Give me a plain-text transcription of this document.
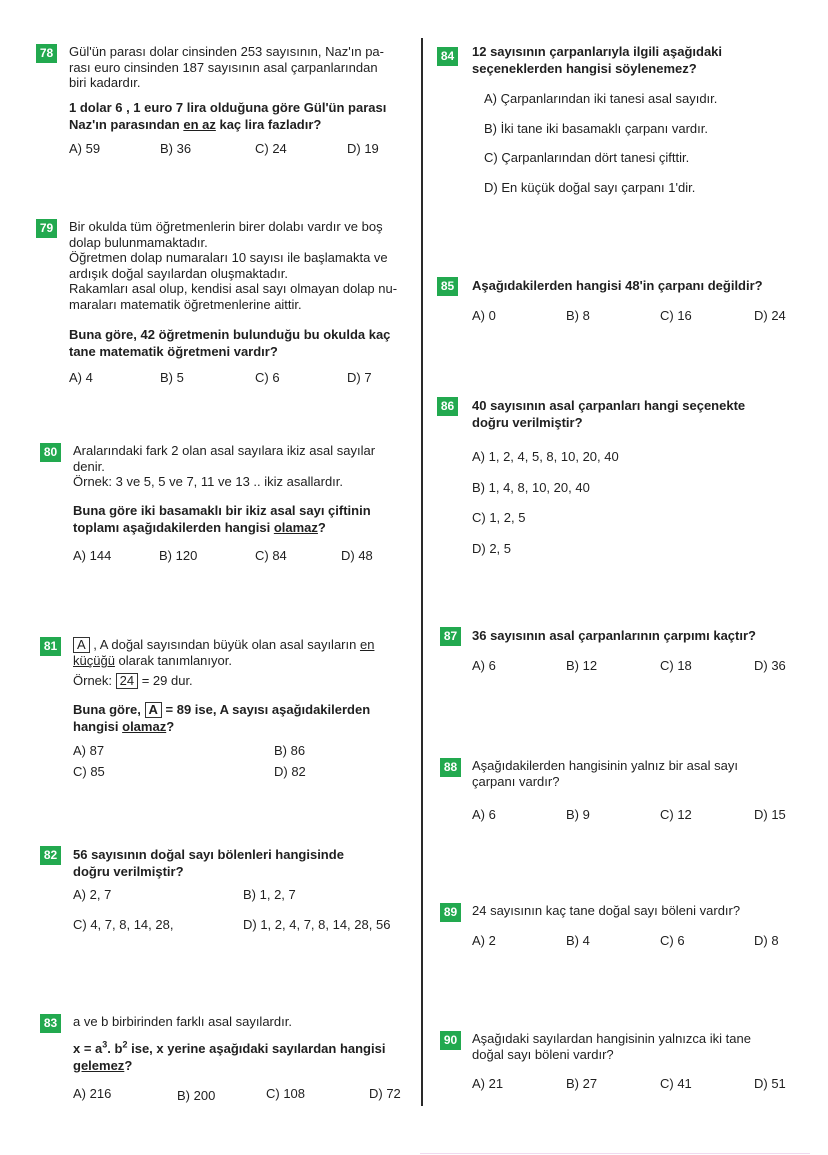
78 Gül'ün parası dolar cinsinden 253 sayısının, Naz'ın pa-

rası euro cinsinden 187 sayısının asal çarpanlarından

biri kadardır.

1 dolar 6 , 1 euro 7 lira olduğuna göre Gül'ün parası
Naz'ın parasından en az kaç lira fazladır?

A) 59	B) 36	C) 24	D) 19
79 Bir okulda tüm öğretmenlerin birer dolabı vardır ve boş

dolap bulunmamaktadır.

Öğretmen dolap numaraları 10 sayısı ile başlamakta ve

ardışık doğal sayılardan oluşmaktadır.

Rakamları asal olup, kendisi asal sayı olmayan dolap nu-

maraları matematik öğretmenlerine aittir.

Buna göre, 42 öğretmenin bulunduğu bu okulda kaç
tane matematik öğretmeni vardır?

A) 4	B) 5	C) 6	D) 7
80 Aralarındaki fark 2 olan asal sayılara ikiz asal sayılar

denir.

Örnek: 3 ve 5, 5 ve 7, 11 ve 13 .. ikiz asallardır.

Buna göre iki basamaklı bir ikiz asal sayı çiftinin
toplamı aşağıdakilerden hangisi olamaz?

A) 144	B) 120	C) 84	D) 48
81	A , A doğal sayısından büyük olan asal sayıların en

küçüğü olarak tanımlanıyor.

Örnek: 24 = 29 dur.

Buna göre, A = 89 ise, A sayısı aşağıdakilerden
hangisi olamaz?

A) 87	B) 86
C) 85	D) 82
82 56 sayısının doğal sayı bölenleri hangisinde
doğru verilmiştir?

A) 2, 7	B) 1, 2, 7
C) 4, 7, 8, 14, 28,	D) 1, 2, 4, 7, 8, 14, 28, 56
83 a ve b birbirinden farklı asal sayılardır.

$x = a^3$. $b^2$ ise, x yerine aşağıdaki sayılardan hangisi
gelemez?

A) 216	B) 200	C) 108	D) 72
84 12 sayısının çarpanlarıyla ilgili aşağıdaki
seçeneklerden hangisi söylenemez?

A) Çarpanlarından iki tanesi asal sayıdır.
B) İki tane iki basamaklı çarpanı vardır.
C) Çarpanlarından dört tanesi çifttir.
D) En küçük doğal sayı çarpanı 1'dir.
85 Aşağıdakilerden hangisi 48'in çarpanı değildir?

A) 0	B) 8	C) 16	D) 24
86 40 sayısının asal çarpanları hangi seçenekte
doğru verilmiştir?

A) 1, 2, 4, 5, 8, 10, 20, 40
B) 1, 4, 8, 10, 20, 40
C) 1, 2, 5
D) 2, 5
87 36 sayısının asal çarpanlarının çarpımı kaçtır?

A) 6	B) 12	C) 18	D) 36
88 Aşağıdakilerden hangisinin yalnız bir asal sayı

çarpanı vardır?

A) 6	B) 9	C) 12	D) 15
89 24 sayısının kaç tane doğal sayı böleni vardır?

A) 2	B) 4	C) 6	D) 8
90 Aşağıdaki sayılardan hangisinin yalnızca iki tane

doğal sayı böleni vardır?

A) 21	B) 27	C) 41	D) 51
